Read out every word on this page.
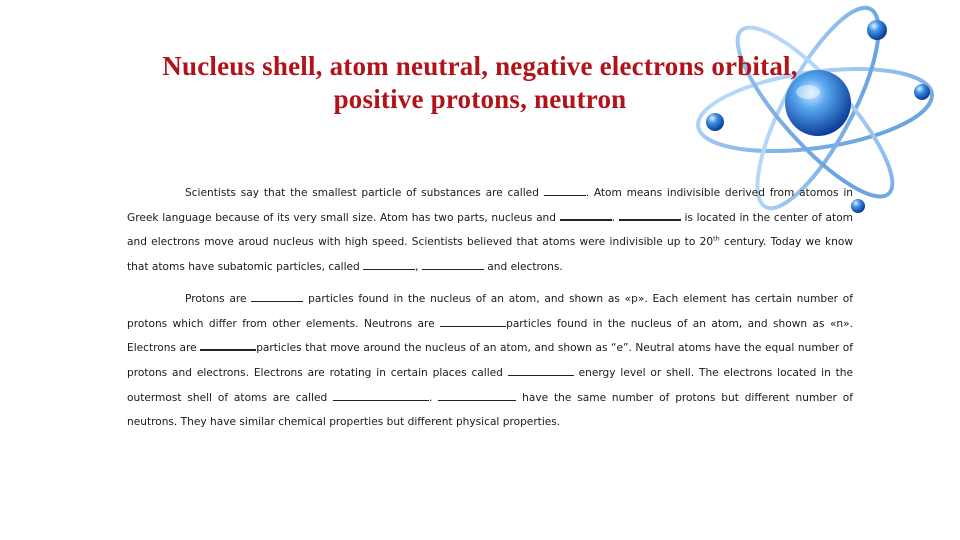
Nucleus shell, atom neutral, negative electrons orbital,
positive protons, neutron

Scientists say that the smallest particle of substances are called	. Atom means indivisible derived from atomos in Greek language because of its very small size. Atom has two parts, nucleus and	.	is located in the center of atom and electrons move aroud nucleus with high speed. Scientists believed that atoms were indivisible up to 20th century. Today we know that atoms have subatomic particles, called	,	and electrons.

Protons are	particles found in the nucleus of an atom, and shown as «p». Each element has certain number of protons which differ from other elements. Neutrons are	particles found in the nucleus of an atom, and shown as «n». Electrons are	particles that move around the nucleus of an atom, and shown as “e”. Neutral atoms have the equal number of protons and electrons. Electrons are rotating in certain places called	energy level or shell. The electrons located in the outermost shell of atoms are called	.	have the same number of protons but different number of neutrons. They have similar chemical properties but different physical properties.
